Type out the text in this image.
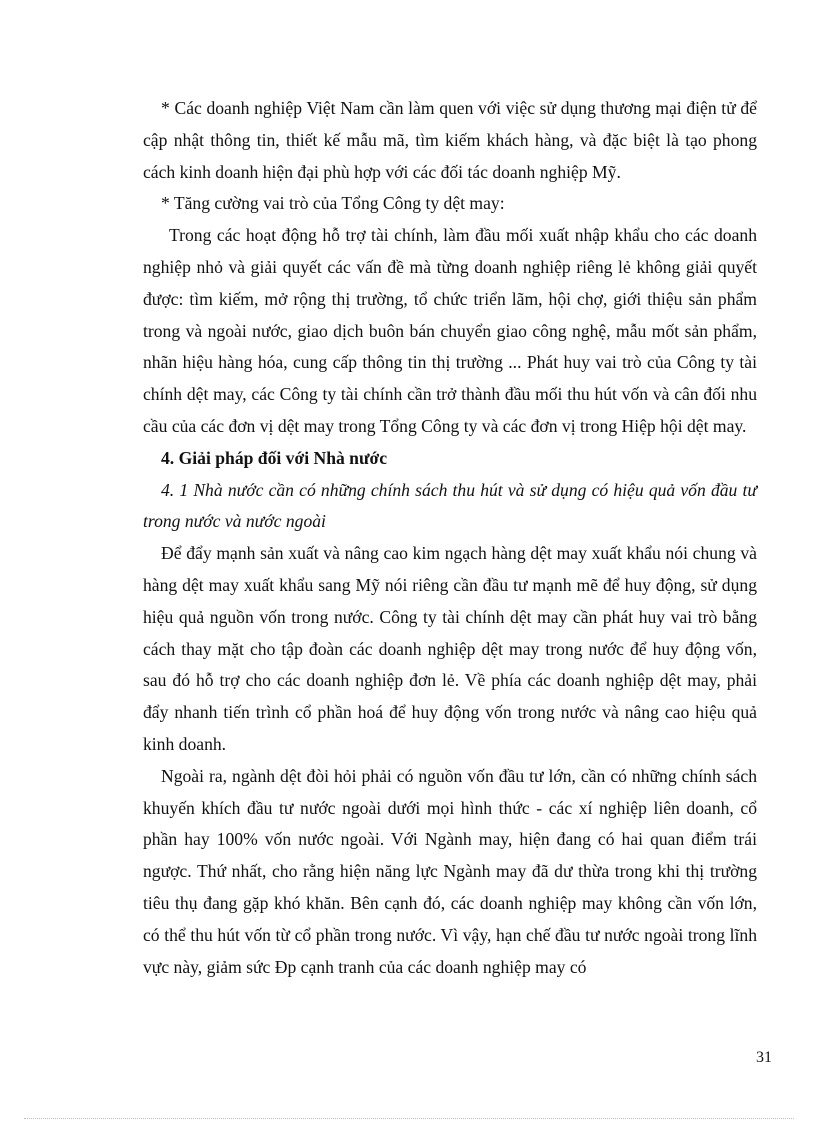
* Các doanh nghiệp Việt Nam cần làm quen với việc sử dụng thương mại điện tử để cập nhật thông tin, thiết kế mẫu mã, tìm kiếm khách hàng, và đặc biệt là tạo phong cách kinh doanh hiện đại phù hợp với các đối tác doanh nghiệp Mỹ.

* Tăng cường vai trò của Tổng Công ty dệt may:

Trong các hoạt động hỗ trợ tài chính, làm đầu mối xuất nhập khẩu cho các doanh nghiệp nhỏ và giải quyết các vấn đề mà từng doanh nghiệp riêng lẻ không giải quyết được: tìm kiếm, mở rộng thị trường, tổ chức triển lãm, hội chợ, giới thiệu sản phẩm trong và ngoài nước, giao dịch buôn bán chuyển giao công nghệ, mẫu mốt sản phẩm, nhãn hiệu hàng hóa, cung cấp thông tin thị trường ... Phát huy vai trò của Công ty tài chính dệt may, các Công ty tài chính cần trở thành đầu mối thu hút vốn và cân đối nhu cầu của các đơn vị dệt may trong Tổng Công ty và các đơn vị trong Hiệp hội dệt may.

4. Giải pháp đối với Nhà nước

4. 1 Nhà nước cần có những chính sách thu hút và sử dụng có hiệu quả vốn đầu tư trong nước và nước ngoài

Để đẩy mạnh sản xuất và nâng cao kim ngạch hàng dệt may xuất khẩu nói chung và hàng dệt may xuất khẩu sang Mỹ nói riêng cần đầu tư mạnh mẽ để huy động, sử dụng hiệu quả nguồn vốn trong nước. Công ty tài chính dệt may cần phát huy vai trò bằng cách thay mặt cho tập đoàn các doanh nghiệp dệt may trong nước để huy động vốn, sau đó hỗ trợ cho các doanh nghiệp đơn lẻ. Về phía các doanh nghiệp dệt may, phải đẩy nhanh tiến trình cổ phần hoá để huy động vốn trong nước và nâng cao hiệu quả kinh doanh.

Ngoài ra, ngành dệt đòi hỏi phải có nguồn vốn đầu tư lớn, cần có những chính sách khuyến khích đầu tư nước ngoài dưới mọi hình thức - các xí nghiệp liên doanh, cổ phần hay 100% vốn nước ngoài. Với Ngành may, hiện đang có hai quan điểm trái ngược. Thứ nhất, cho rằng hiện năng lực Ngành may đã dư thừa trong khi thị trường tiêu thụ đang gặp khó khăn. Bên cạnh đó, các doanh nghiệp may không cần vốn lớn, có thể thu hút vốn từ cổ phần trong nước. Vì vậy, hạn chế đầu tư nước ngoài trong lĩnh vực này, giảm sức Đp cạnh tranh của các doanh nghiệp may có

31
